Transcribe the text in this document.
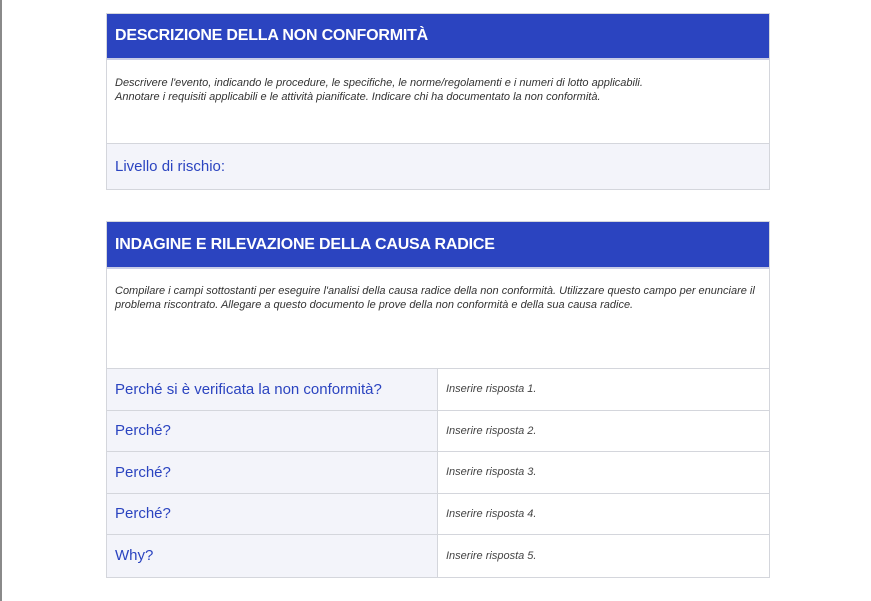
DESCRIZIONE DELLA NON CONFORMITÀ
Descrivere l'evento, indicando le procedure, le specifiche, le norme/regolamenti e i numeri di lotto applicabili.
Annotare i requisiti applicabili e le attività pianificate. Indicare chi ha documentato la non conformità.
Livello di rischio:
INDAGINE E RILEVAZIONE DELLA CAUSA RADICE
Compilare i campi sottostanti per eseguire l'analisi della causa radice della non conformità. Utilizzare questo campo per enunciare il problema riscontrato. Allegare a questo documento le prove della non conformità e della sua causa radice.
Perché si è verificata la non conformità?	Inserire risposta 1.
Perché?	Inserire risposta 2.
Perché?	Inserire risposta 3.
Perché?	Inserire risposta 4.
Why?	Inserire risposta 5.
